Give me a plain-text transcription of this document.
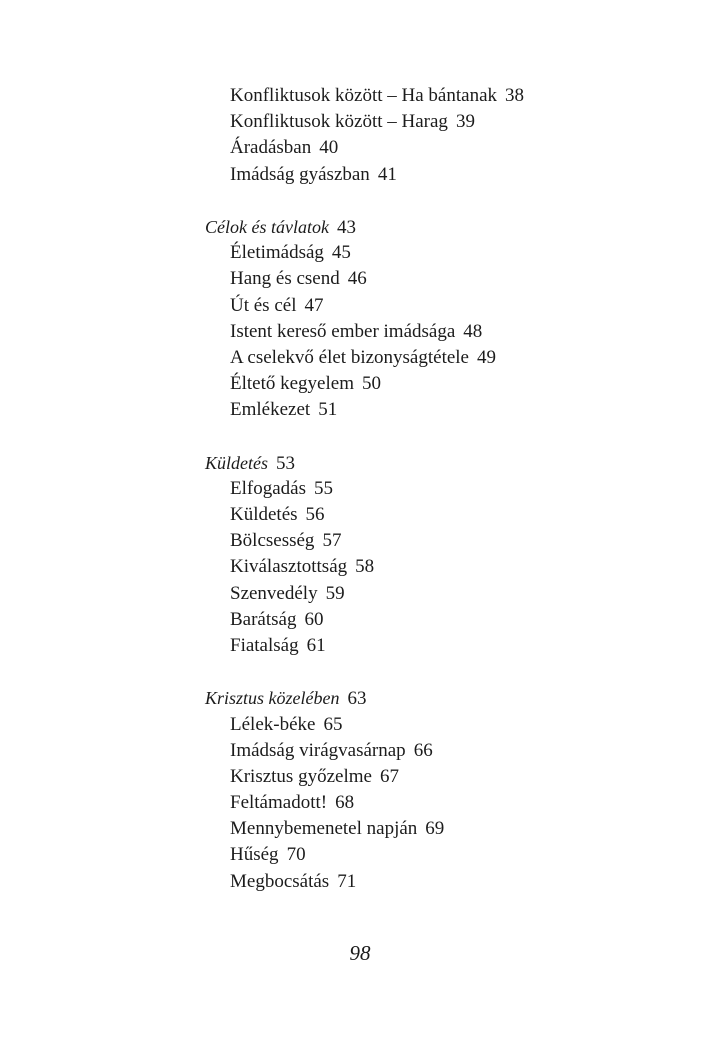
Konfliktusok között – Ha bántanak 38
Konfliktusok között – Harag 39
Áradásban 40
Imádság gyászban 41
Célok és távlatok 43
Életimádság 45
Hang és csend 46
Út és cél 47
Istent kereső ember imádsága 48
A cselekvő élet bizonyságtétele 49
Éltető kegyelem 50
Emlékezet 51
Küldetés 53
Elfogadás 55
Küldetés 56
Bölcsesség 57
Kiválasztottság 58
Szenvedély 59
Barátság 60
Fiatalság 61
Krisztus közelében 63
Lélek-béke 65
Imádság virágvasárnap 66
Krisztus győzelme 67
Feltámadott! 68
Mennybemenetel napján 69
Hűség 70
Megbocsátás 71
98
